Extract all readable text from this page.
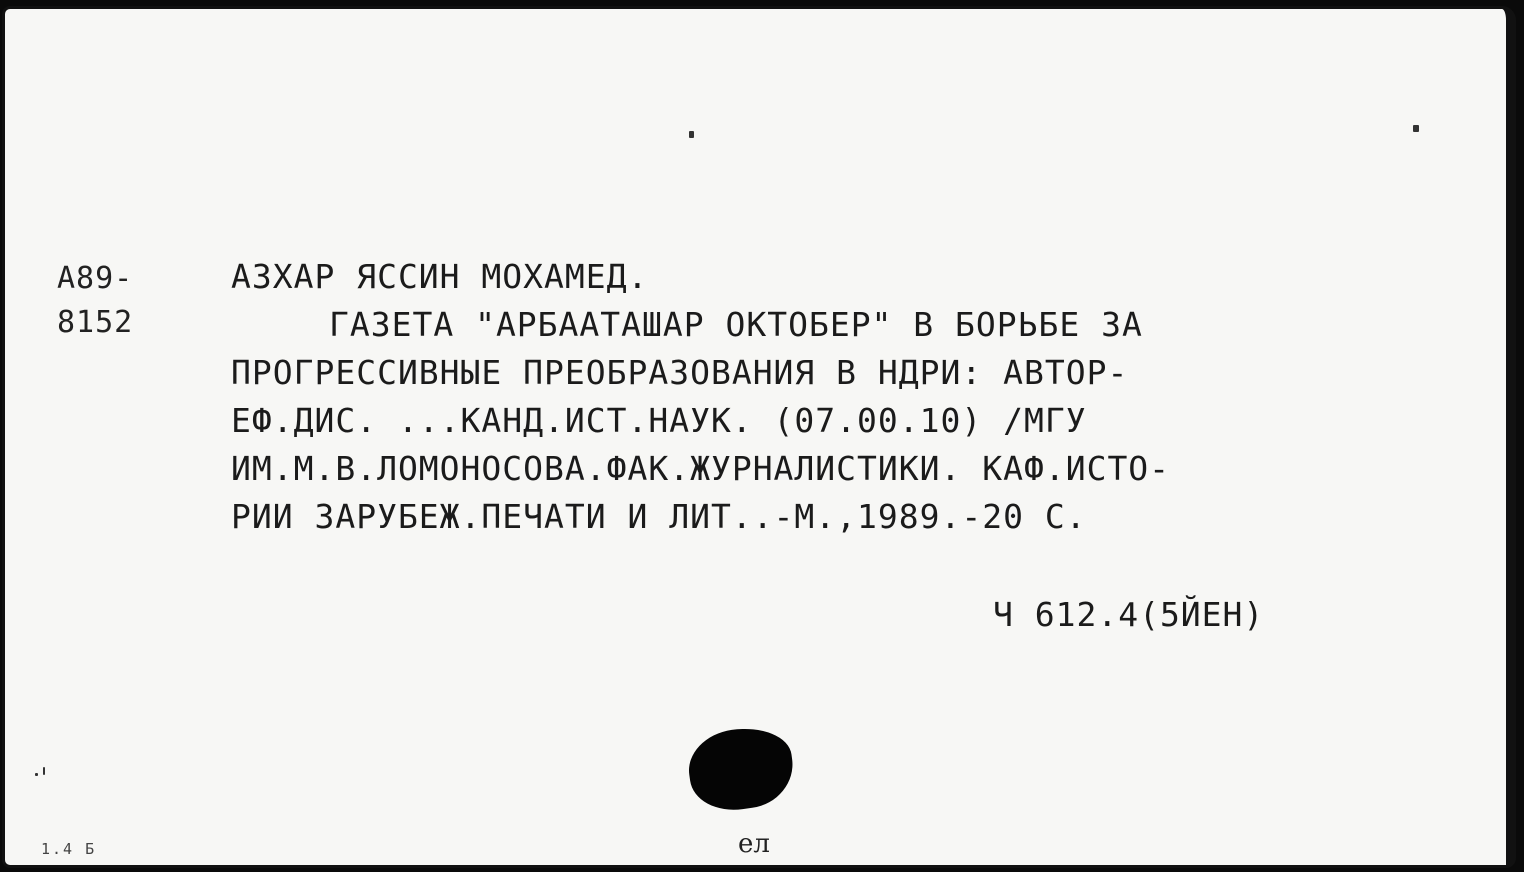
А89-
8152
АЗХАР ЯССИН МОХАМЕД.
ГАЗЕТА "АРБААТАШАР ОКТОБЕР" В БОРЬБЕ ЗА
ПРОГРЕССИВНЫЕ ПРЕОБРАЗОВАНИЯ В НДРИ: АВТОР-
ЕФ.ДИС. ...КАНД.ИСТ.НАУК. (07.00.10) /МГУ
ИМ.М.В.ЛОМОНОСОВА.ФАК.ЖУРНАЛИСТИКИ. КАФ.ИСТО-
РИИ ЗАРУБЕЖ.ПЕЧАТИ И ЛИТ..-М.,1989.-20 С.
Ч 612.4(5ЙЕН)
ел
1.4 Б
